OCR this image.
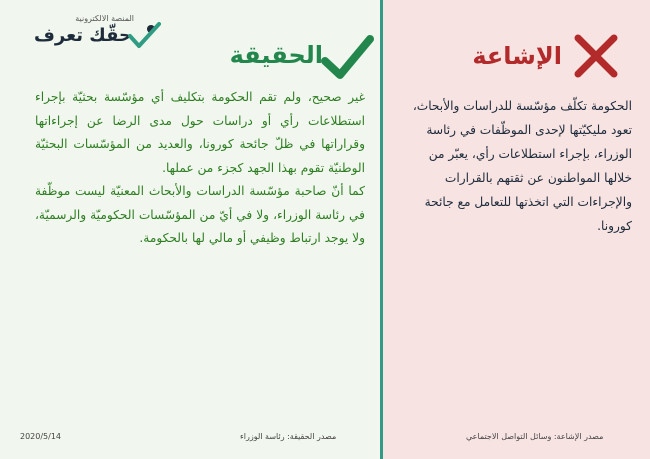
المنصة الالكترونية
حقّك تعرف
الحقيقة	الإشاعة

غير صحيح، ولم تقم الحكومة بتكليف أي مؤسّسة بحثيّة بإجراء استطلاعات رأي أو دراسات حول مدى الرضا عن إجراءاتها وقراراتها في ظلّ جائحة كورونا، والعديد من المؤسّسات البحثيّة الوطنيّة تقوم بهذا الجهد كجزء من عملها.

كما أنّ صاحبة مؤسّسة الدراسات والأبحاث المعنيّة ليست موظّفة في رئاسة الوزراء، ولا في أيّ من المؤسّسات الحكوميّة والرسميّة، ولا يوجد ارتباط وظيفي أو مالي لها بالحكومة.

الحكومة تكلّف مؤسّسة للدراسات والأبحاث، تعود مليكيّتها لإحدى الموظّفات في رئاسة الوزراء، بإجراء استطلاعات رأي، يعبّر من خلالها المواطنون عن ثقتهم بالقرارات والإجراءات التي اتخذتها للتعامل مع جائحة كورونا.
2020/5/14	مصدر الحقيقة: رئاسة الوزراء	مصدر الإشاعة: وسائل التواصل الاجتماعي
